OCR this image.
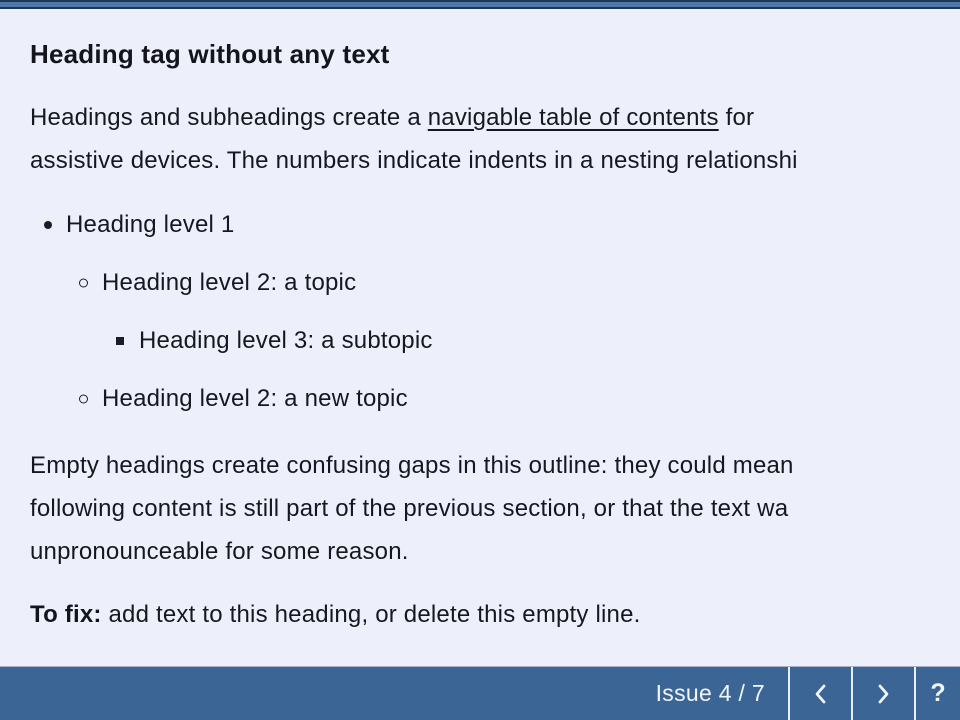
Heading tag without any text
Headings and subheadings create a navigable table of contents for
assistive devices. The numbers indicate indents in a nesting relationshi
Heading level 1
Heading level 2: a topic
Heading level 3: a subtopic
Heading level 2: a new topic
Empty headings create confusing gaps in this outline: they could mean
following content is still part of the previous section, or that the text wa
unpronounceable for some reason.
To fix: add text to this heading, or delete this empty line.
Issue 4 / 7	?
